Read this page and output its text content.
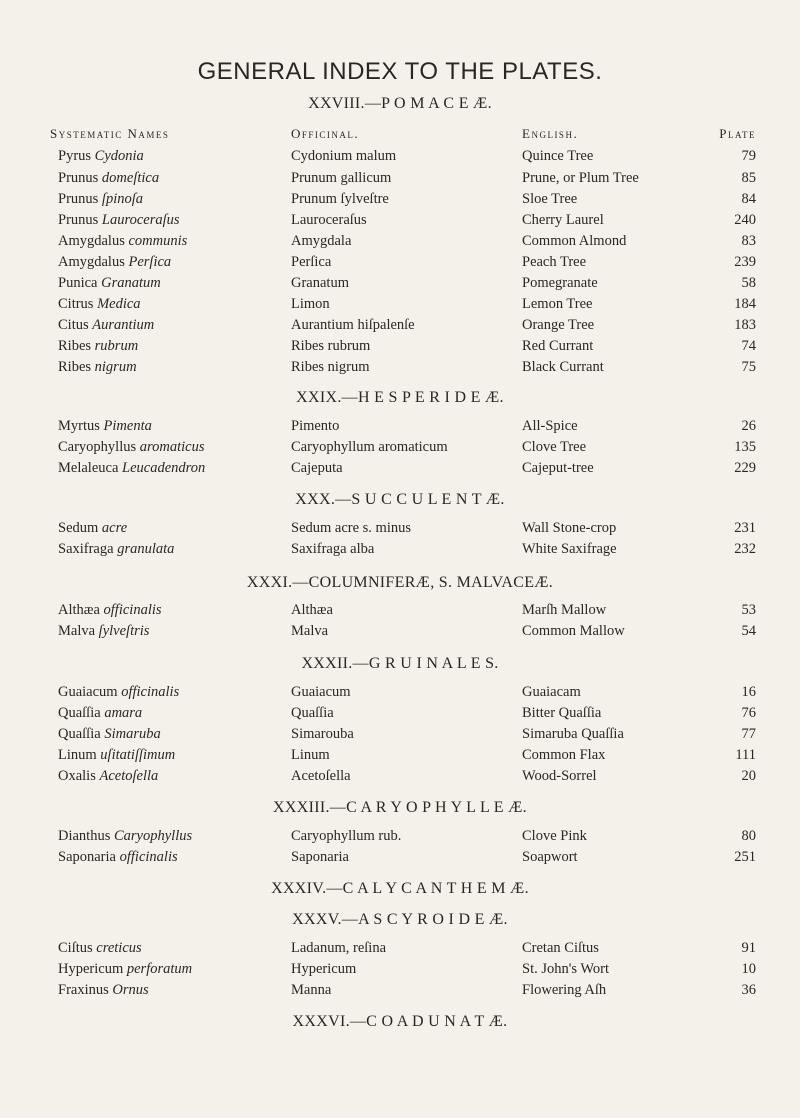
GENERAL INDEX TO THE PLATES.
Systematic Names	Officinal.	English.	Plate
XXVIII.—P O M A C E Æ.
Pyrus Cydonia	Cydonium malum	Quince Tree	79
Prunus domeſtica	Prunum gallicum	Prune, or Plum Tree	85
Prunus ſpinoſa	Prunum ſylveſtre	Sloe Tree	84
Prunus Lauroceraſus	Lauroceraſus	Cherry Laurel	240
Amygdalus communis	Amygdala	Common Almond	83
Amygdalus Perſica	Perſica	Peach Tree	239
Punica Granatum	Granatum	Pomegranate	58
Citrus Medica	Limon	Lemon Tree	184
Citus Aurantium	Aurantium hiſpalenſe	Orange Tree	183
Ribes rubrum	Ribes rubrum	Red Currant	74
Ribes nigrum	Ribes nigrum	Black Currant	75
XXIX.—H E S P E R I D E Æ.
Myrtus Pimenta	Pimento	All-Spice	26
Caryophyllus aromaticus	Caryophyllum aromaticum	Clove Tree	135
Melaleuca Leucadendron	Cajeputa	Cajeput-tree	229
XXX.—S U C C U L E N T Æ.
Sedum acre	Sedum acre s. minus	Wall Stone-crop	231
Saxifraga granulata	Saxifraga alba	White Saxifrage	232
XXXI.—COLUMNIFERÆ, S. MALVACEÆ.
Althæa officinalis	Althæa	Marſh Mallow	53
Malva ſylveſtris	Malva	Common Mallow	54
XXXII.—G R U I N A L E S.
Guaiacum officinalis	Guaiacum	Guaiacam	16
Quaſſia amara	Quaſſia	Bitter Quaſſia	76
Quaſſia Simaruba	Simarouba	Simaruba Quaſſia	77
Linum uſitatiſſimum	Linum	Common Flax	111
Oxalis Acetoſella	Acetoſella	Wood-Sorrel	20
XXXIII.—C A R Y O P H Y L L E Æ.
Dianthus Caryophyllus	Caryophyllum rub.	Clove Pink	80
Saponaria officinalis	Saponaria	Soapwort	251
XXXIV.—C A L Y C A N T H E M Æ.
XXXV.—A S C Y R O I D E Æ.
Ciſtus creticus	Ladanum, reſina	Cretan Ciſtus	91
Hypericum perforatum	Hypericum	St. John's Wort	10
Fraxinus Ornus	Manna	Flowering Aſh	36
XXXVI.—C O A D U N A T Æ.
